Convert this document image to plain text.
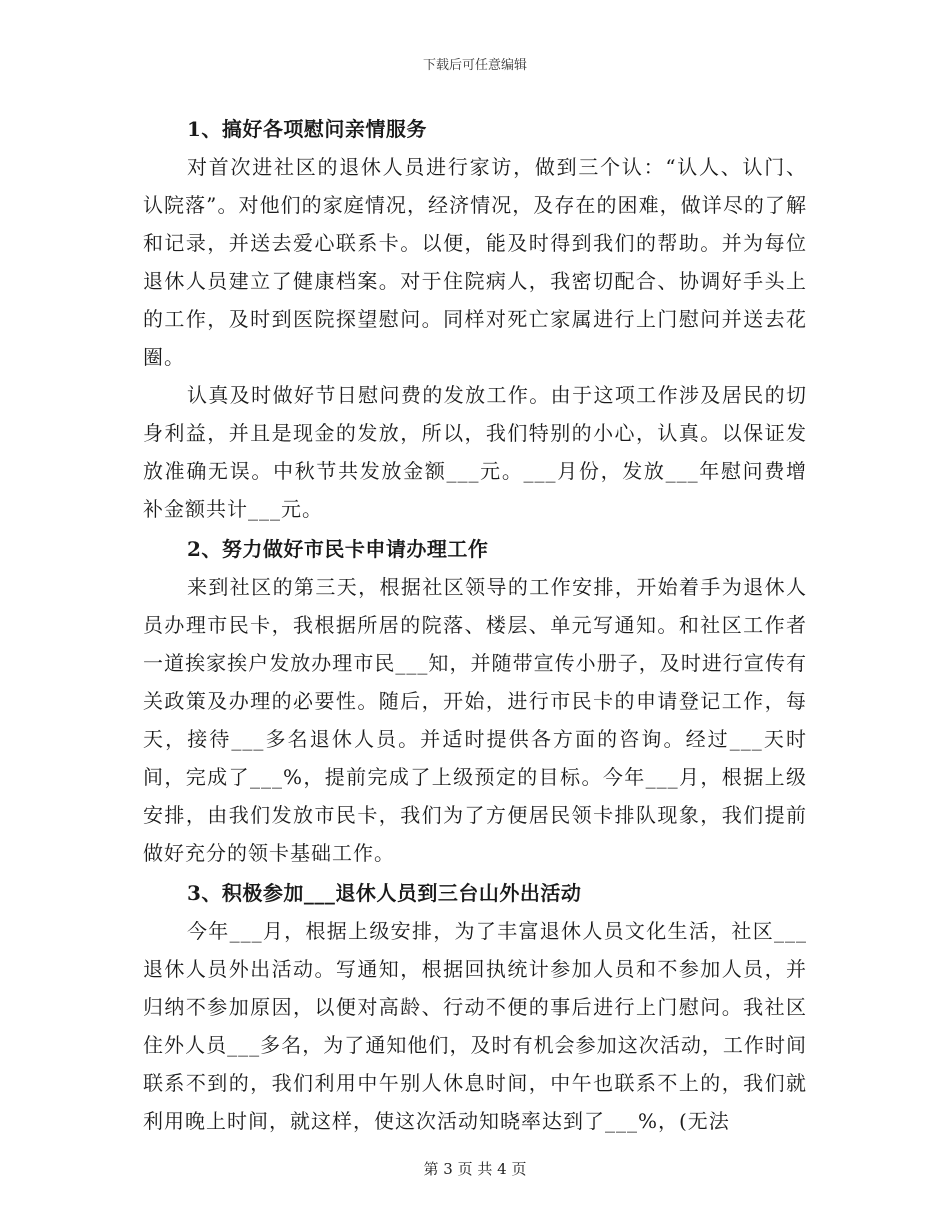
下载后可任意编辑
1、搞好各项慰问亲情服务

对首次进社区的退休人员进行家访，做到三个认：“认人、认门、认院落”。对他们的家庭情况，经济情况，及存在的困难，做详尽的了解和记录，并送去爱心联系卡。以便，能及时得到我们的帮助。并为每位退休人员建立了健康档案。对于住院病人，我密切配合、协调好手头上的工作，及时到医院探望慰问。同样对死亡家属进行上门慰问并送去花圈。

认真及时做好节日慰问费的发放工作。由于这项工作涉及居民的切身利益，并且是现金的发放，所以，我们特别的小心，认真。以保证发放准确无误。中秋节共发放金额___元。___月份，发放___年慰问费增补金额共计___元。

2、努力做好市民卡申请办理工作

来到社区的第三天，根据社区领导的工作安排，开始着手为退休人员办理市民卡，我根据所居的院落、楼层、单元写通知。和社区工作者一道挨家挨户发放办理市民___知，并随带宣传小册子，及时进行宣传有关政策及办理的必要性。随后，开始，进行市民卡的申请登记工作，每天，接待___多名退休人员。并适时提供各方面的咨询。经过___天时间，完成了___%，提前完成了上级预定的目标。今年___月，根据上级安排，由我们发放市民卡，我们为了方便居民领卡排队现象，我们提前做好充分的领卡基础工作。

3、积极参加___退休人员到三台山外出活动

今年___月，根据上级安排，为了丰富退休人员文化生活，社区___退休人员外出活动。写通知，根据回执统计参加人员和不参加人员，并归纳不参加原因，以便对高龄、行动不便的事后进行上门慰问。我社区住外人员___多名，为了通知他们，及时有机会参加这次活动，工作时间联系不到的，我们利用中午别人休息时间，中午也联系不上的，我们就利用晚上时间，就这样，使这次活动知晓率达到了___%，(无法

第 3 页 共 4 页
